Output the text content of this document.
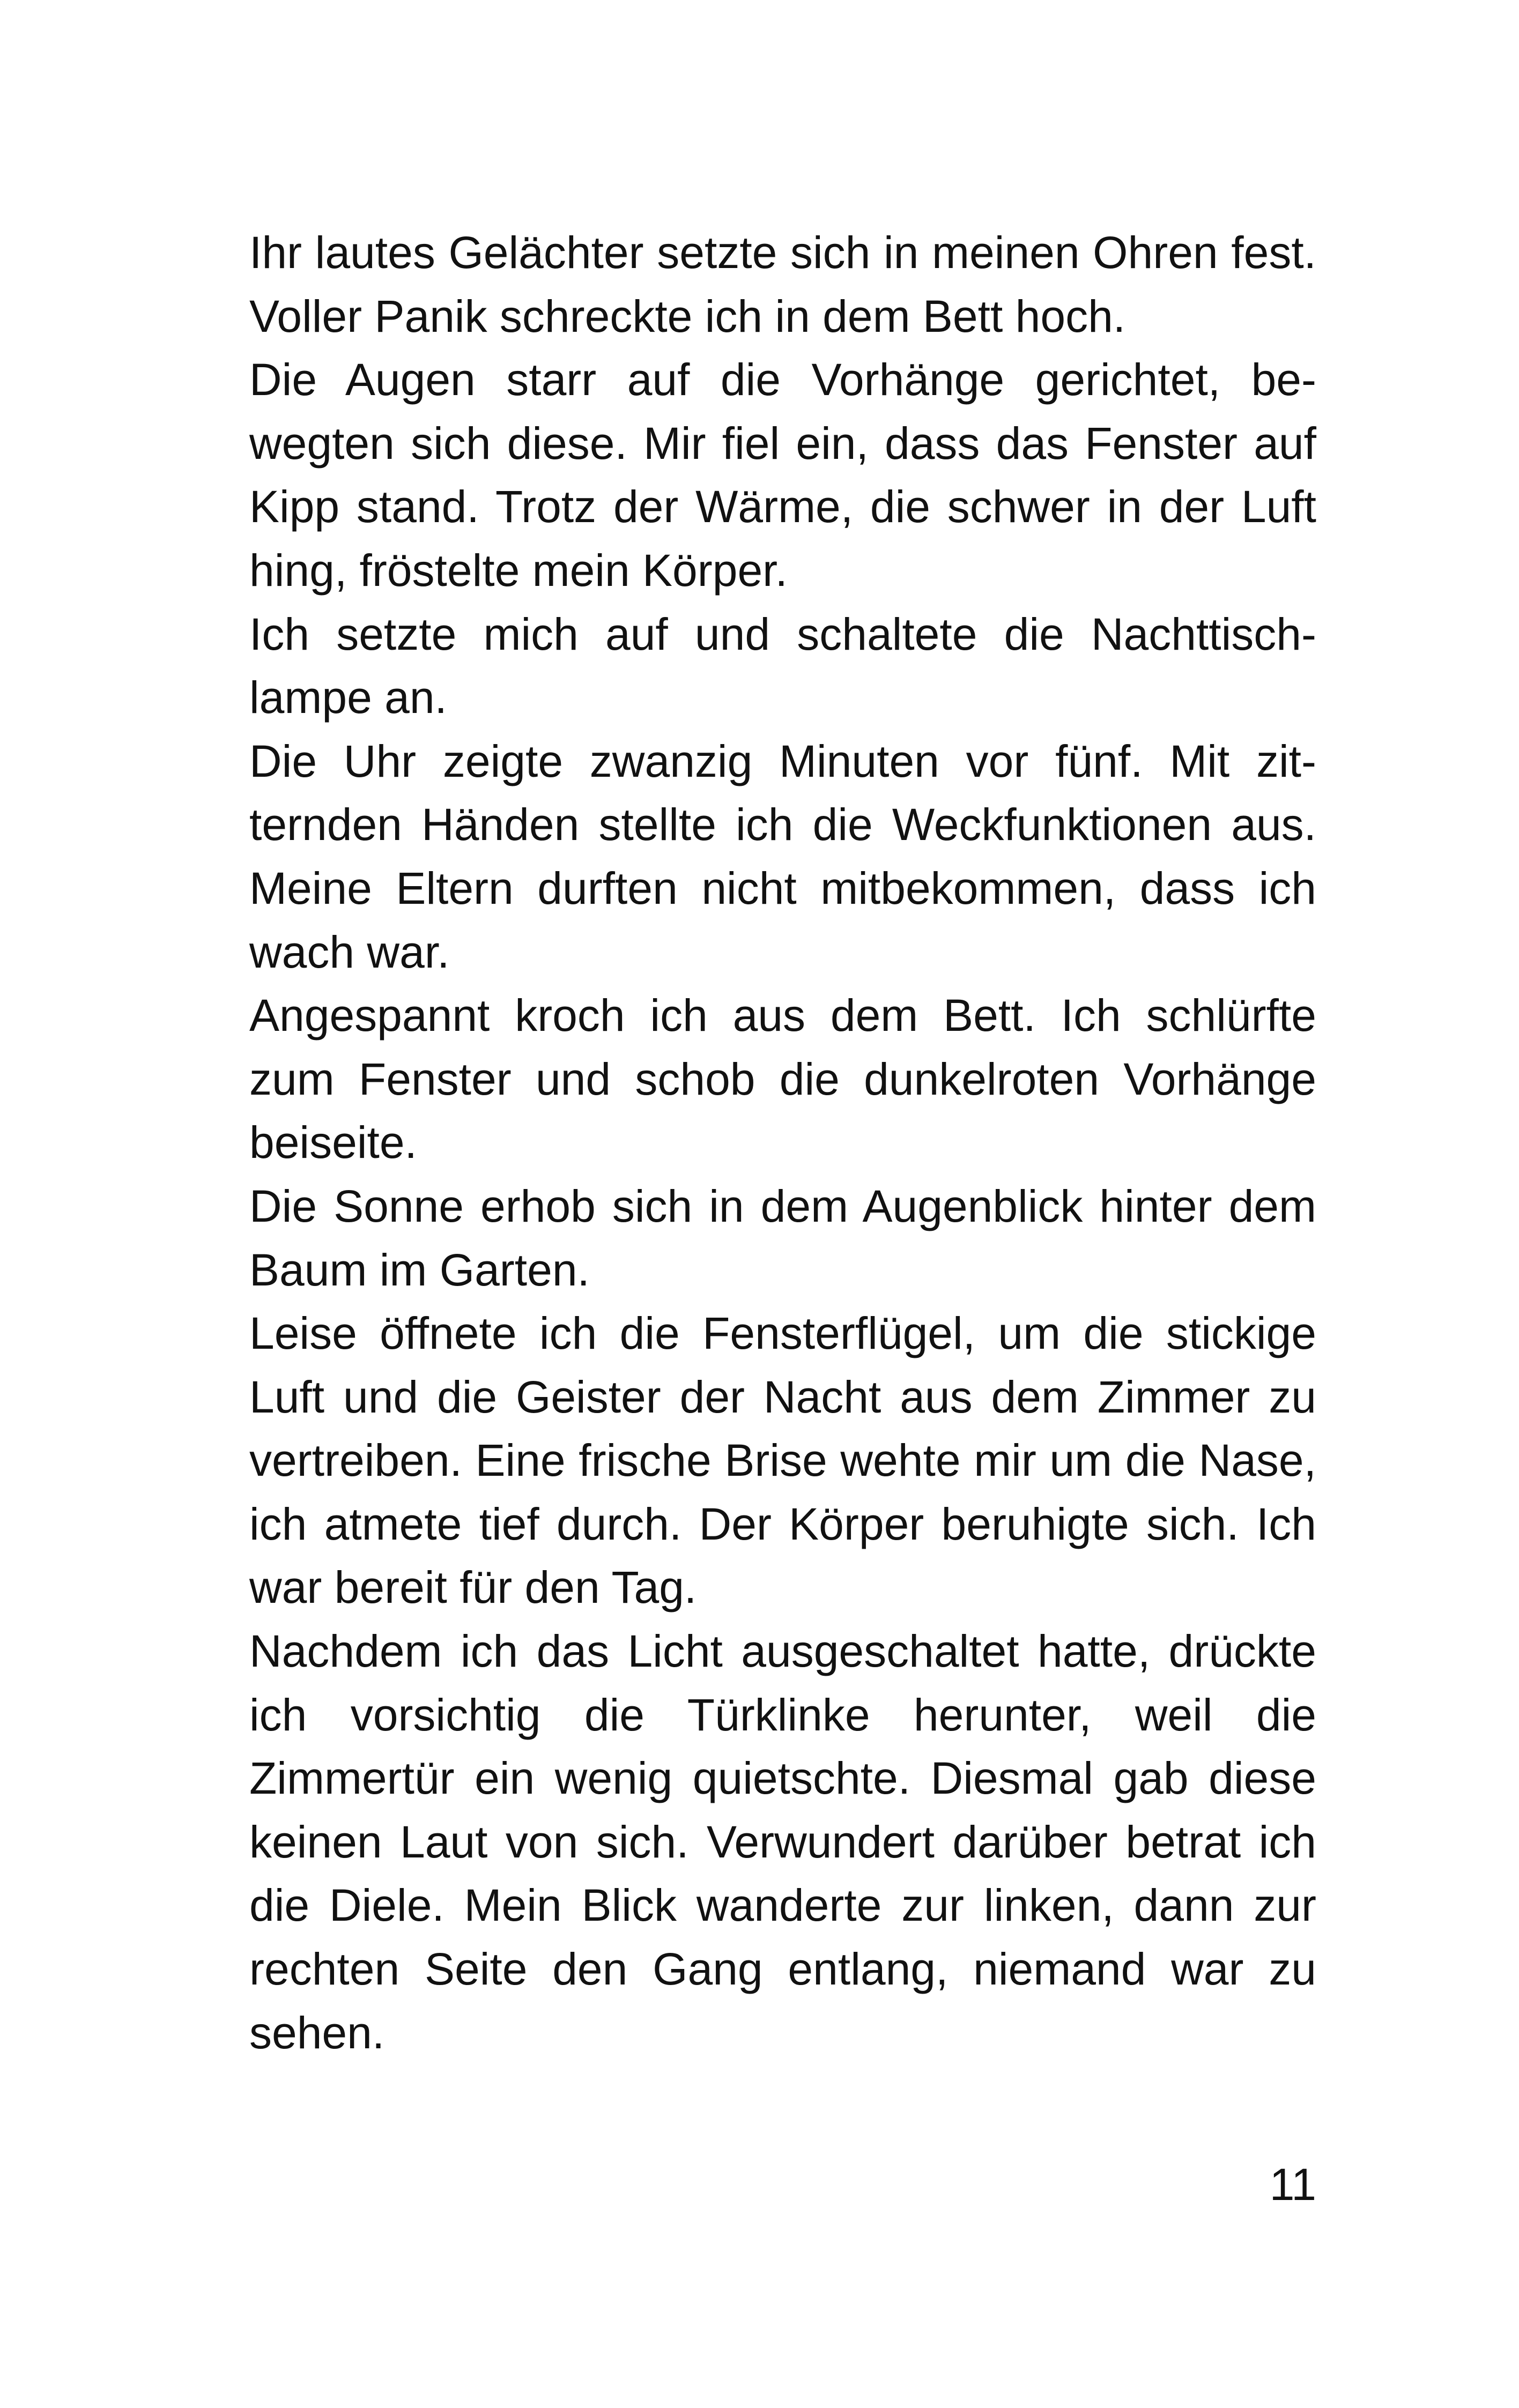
Ihr lautes Gelächter setzte sich in meinen Ohren fest. Voller Panik schreckte ich in dem Bett hoch.

Die Augen starr auf die Vorhänge gerichtet, be-wegten sich diese. Mir fiel ein, dass das Fenster auf Kipp stand. Trotz der Wärme, die schwer in der Luft hing, fröstelte mein Körper.

Ich setzte mich auf und schaltete die Nachttisch-lampe an.

Die Uhr zeigte zwanzig Minuten vor fünf. Mit zit-ternden Händen stellte ich die Weckfunktionen aus. Meine Eltern durften nicht mitbekommen, dass ich wach war.

Angespannt kroch ich aus dem Bett. Ich schlürfte zum Fenster und schob die dunkelroten Vorhänge beiseite.

Die Sonne erhob sich in dem Augenblick hinter dem Baum im Garten.

Leise öffnete ich die Fensterflügel, um die stickige Luft und die Geister der Nacht aus dem Zimmer zu vertreiben. Eine frische Brise wehte mir um die Nase, ich atmete tief durch. Der Körper beruhigte sich. Ich war bereit für den Tag.

Nachdem ich das Licht ausgeschaltet hatte, drückte ich vorsichtig die Türklinke herunter, weil die Zimmertür ein wenig quietschte. Diesmal gab diese keinen Laut von sich. Verwundert darüber betrat ich die Diele. Mein Blick wanderte zur linken, dann zur rechten Seite den Gang entlang, niemand war zu sehen.

11
